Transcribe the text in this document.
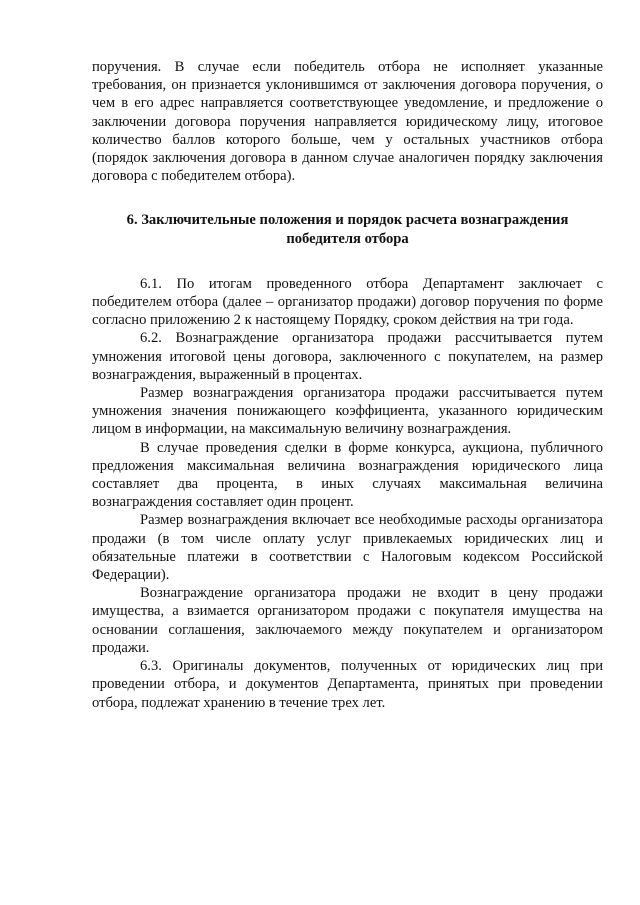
поручения. В случае если победитель отбора не исполняет указанные требования, он признается уклонившимся от заключения договора поручения, о чем в его адрес направляется соответствующее уведомление, и предложение о заключении договора поручения направляется юридическому лицу, итоговое количество баллов которого больше, чем у остальных участников отбора (порядок заключения договора в данном случае аналогичен порядку заключения договора с победителем отбора).

6. Заключительные положения и порядок расчета вознаграждения победителя отбора

6.1. По итогам проведенного отбора Департамент заключает с победителем отбора (далее – организатор продажи) договор поручения по форме согласно приложению 2 к настоящему Порядку, сроком действия на три года.

6.2. Вознаграждение организатора продажи рассчитывается путем умножения итоговой цены договора, заключенного с покупателем, на размер вознаграждения, выраженный в процентах.

Размер вознаграждения организатора продажи рассчитывается путем умножения значения понижающего коэффициента, указанного юридическим лицом в информации, на максимальную величину вознаграждения.

В случае проведения сделки в форме конкурса, аукциона, публичного предложения максимальная величина вознаграждения юридического лица составляет два процента, в иных случаях максимальная величина вознаграждения составляет один процент.

Размер вознаграждения включает все необходимые расходы организатора продажи (в том числе оплату услуг привлекаемых юридических лиц и обязательные платежи в соответствии с Налоговым кодексом Российской Федерации).

Вознаграждение организатора продажи не входит в цену продажи имущества, а взимается организатором продажи с покупателя имущества на основании соглашения, заключаемого между покупателем и организатором продажи.

6.3. Оригиналы документов, полученных от юридических лиц при проведении отбора, и документов Департамента, принятых при проведении отбора, подлежат хранению в течение трех лет.
